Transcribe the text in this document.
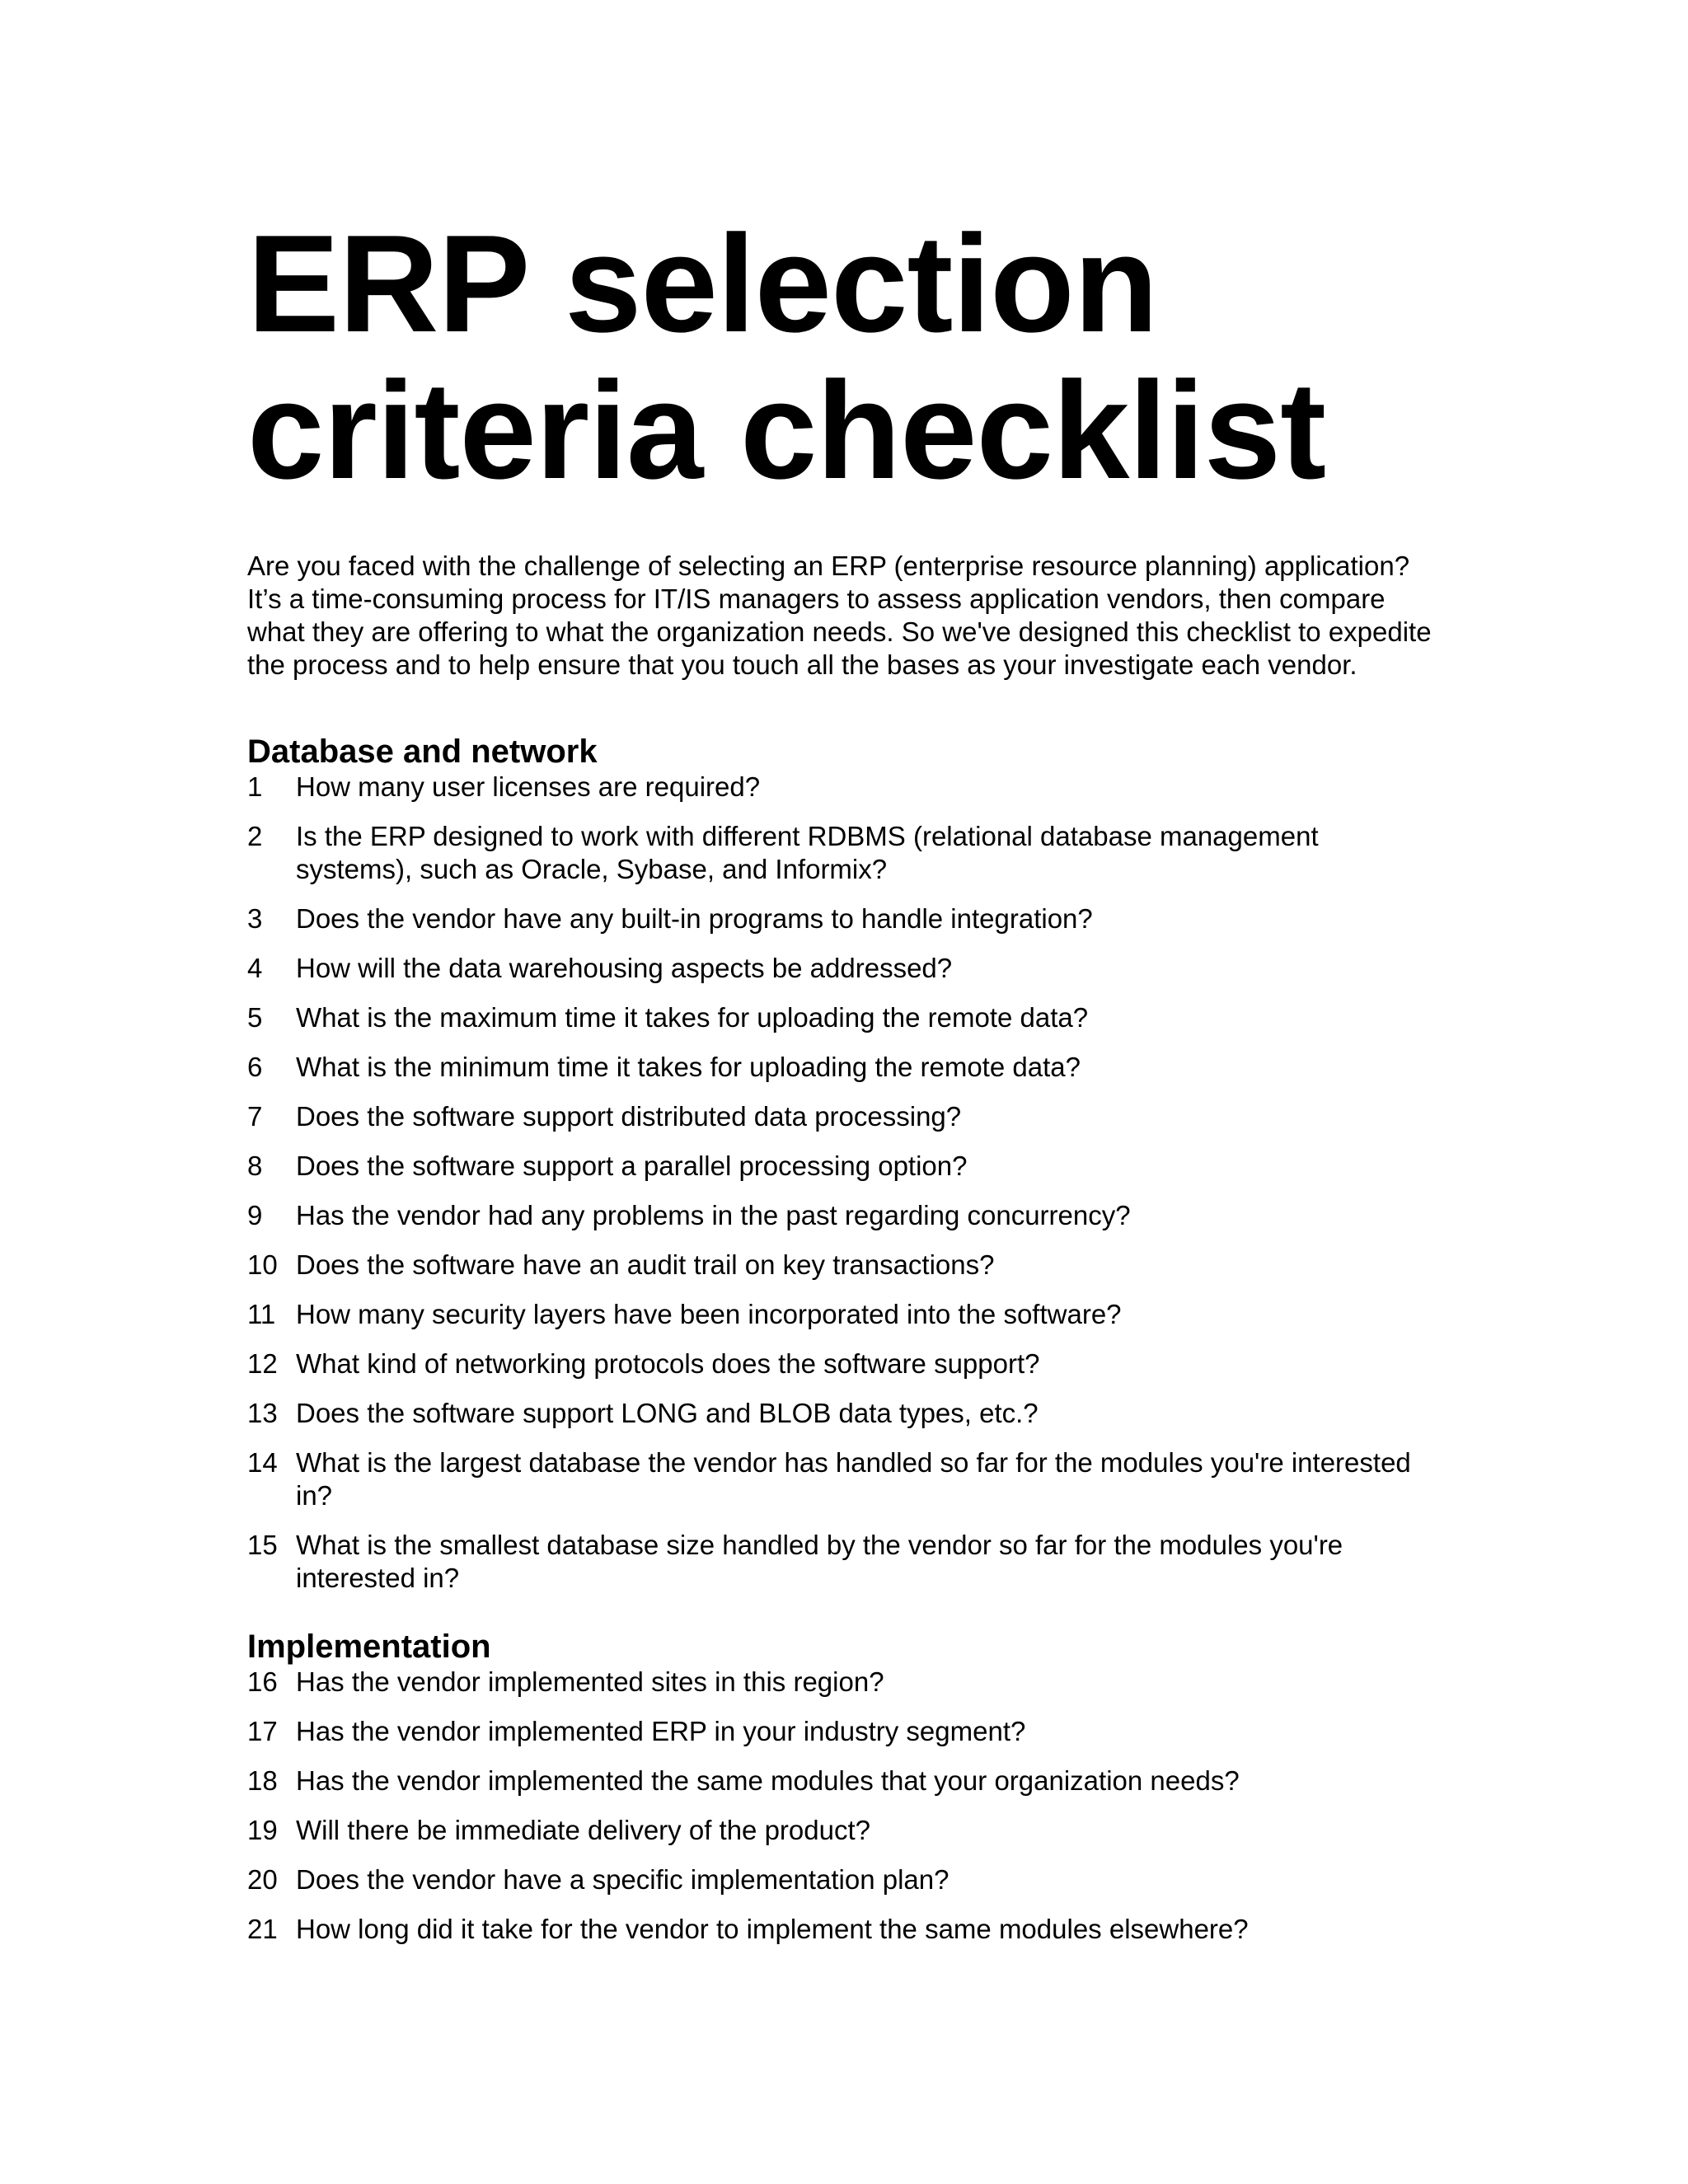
ERP selection
criteria checklist

Are you faced with the challenge of selecting an ERP (enterprise resource planning) application? It’s a time-consuming process for IT/IS managers to assess application vendors, then compare what they are offering to what the organization needs. So we've designed this checklist to expedite the process and to help ensure that you touch all the bases as your investigate each vendor.

Database and network
1	How many user licenses are required?
2	Is the ERP designed to work with different RDBMS (relational database management systems), such as Oracle, Sybase, and Informix?
3	Does the vendor have any built-in programs to handle integration?
4	How will the data warehousing aspects be addressed?
5	What is the maximum time it takes for uploading the remote data?
6	What is the minimum time it takes for uploading the remote data?
7	Does the software support distributed data processing?
8	Does the software support a parallel processing option?
9	Has the vendor had any problems in the past regarding concurrency?
10 Does the software have an audit trail on key transactions?
11 How many security layers have been incorporated into the software?
12 What kind of networking protocols does the software support?
13 Does the software support LONG and BLOB data types, etc.?
14 What is the largest database the vendor has handled so far for the modules you're interested in?
15 What is the smallest database size handled by the vendor so far for the modules you're interested in?
Implementation
16 Has the vendor implemented sites in this region?
17 Has the vendor implemented ERP in your industry segment?
18 Has the vendor implemented the same modules that your organization needs?
19 Will there be immediate delivery of the product?
20 Does the vendor have a specific implementation plan?
21 How long did it take for the vendor to implement the same modules elsewhere?
